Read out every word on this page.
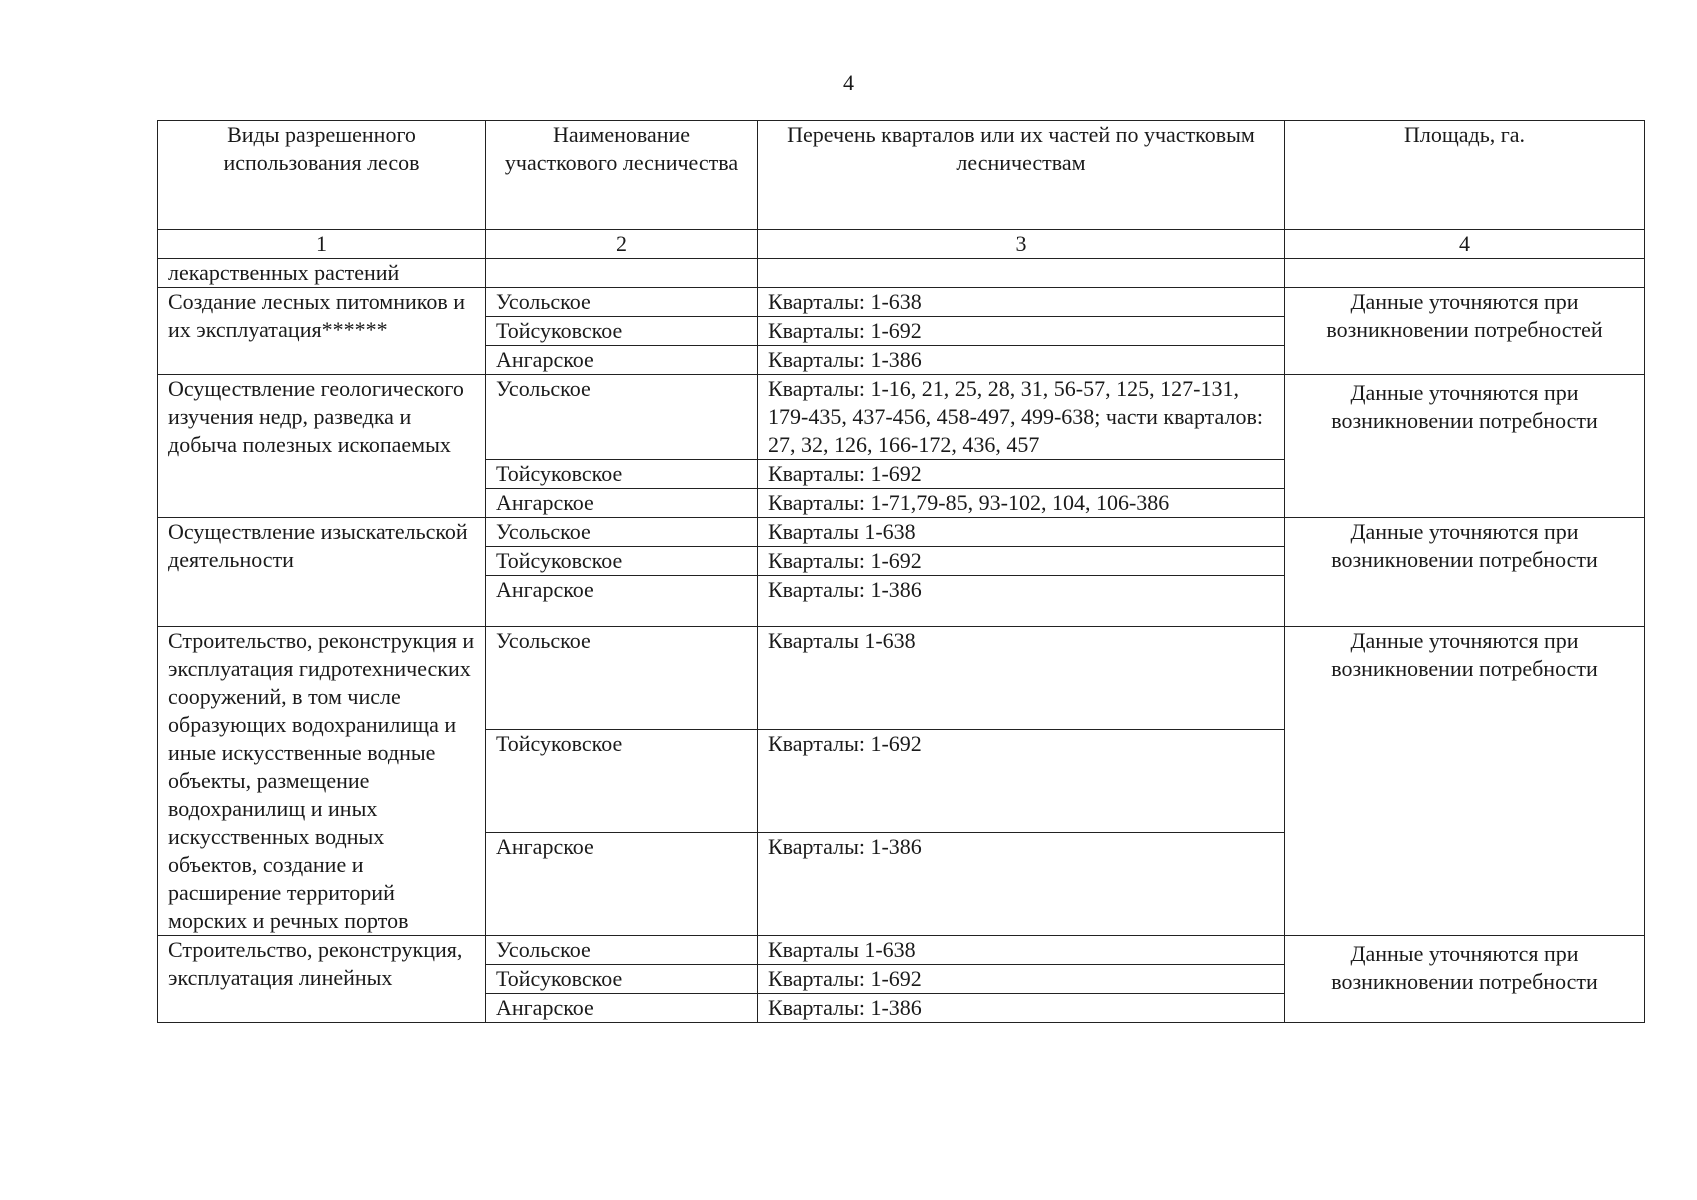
4
Виды разрешенного использования лесов	Наименование участкового лесничества	Перечень кварталов или их частей по участковым лесничествам	Площадь, га.
1	2	3	4
лекарственных растений			
Создание лесных питомников и их эксплуатация******	Усольское	Кварталы: 1-638	Данные уточняются при возникновении потребностей
	Тойсуковское	Кварталы: 1-692	
	Ангарское	Кварталы: 1-386	
Осуществление геологического изучения недр, разведка и добыча полезных ископаемых	Усольское	Кварталы: 1-16, 21, 25, 28, 31, 56-57, 125, 127-131, 179-435, 437-456, 458-497, 499-638; части кварталов: 27, 32, 126, 166-172, 436, 457	Данные уточняются при возникновении потребности
	Тойсуковское	Кварталы: 1-692	
	Ангарское	Кварталы: 1-71,79-85, 93-102, 104, 106-386	
Осуществление изыскательской деятельности	Усольское	Кварталы 1-638	Данные уточняются при возникновении потребности
	Тойсуковское	Кварталы: 1-692	
	Ангарское	Кварталы: 1-386	
Строительство, реконструкция и эксплуатация гидротехнических сооружений, в том числе образующих водохранилища и иные искусственные водные объекты, размещение водохранилищ и иных искусственных водных объектов, создание и расширение территорий морских и речных портов	Усольское	Кварталы 1-638	Данные уточняются при возникновении потребности
	Тойсуковское	Кварталы: 1-692	
	Ангарское	Кварталы: 1-386	
Строительство, реконструкция, эксплуатация линейных	Усольское	Кварталы 1-638	Данные уточняются при возникновении потребности
	Тойсуковское	Кварталы: 1-692	
	Ангарское	Кварталы: 1-386	
